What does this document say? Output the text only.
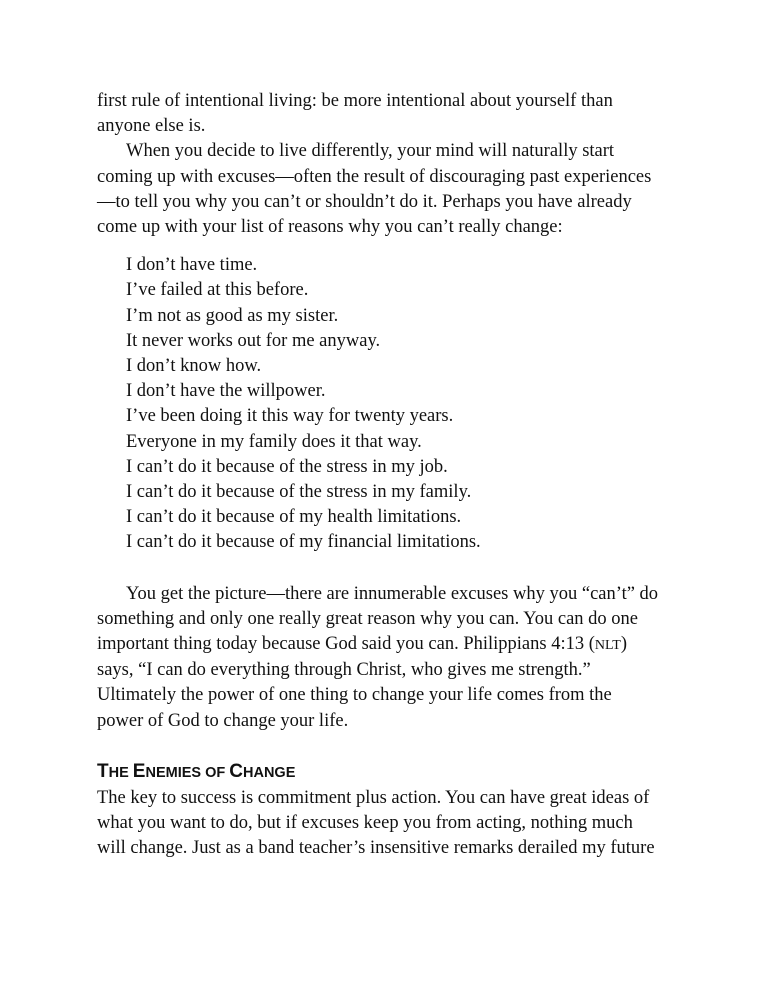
first rule of intentional living: be more intentional about yourself than

anyone else is.

When you decide to live differently, your mind will naturally start

coming up with excuses—often the result of discouraging past experiences

—to tell you why you can’t or shouldn’t do it. Perhaps you have already

come up with your list of reasons why you can’t really change:

I don’t have time.
I’ve failed at this before.
I’m not as good as my sister.
It never works out for me anyway.
I don’t know how.
I don’t have the willpower.
I’ve been doing it this way for twenty years.
Everyone in my family does it that way.
I can’t do it because of the stress in my job.
I can’t do it because of the stress in my family.
I can’t do it because of my health limitations.
I can’t do it because of my financial limitations.

You get the picture—there are innumerable excuses why you “can’t” do

something and only one really great reason why you can. You can do one

important thing today because God said you can. Philippians 4:13 (NLT)

says, “I can do everything through Christ, who gives me strength.”

Ultimately the power of one thing to change your life comes from the

power of God to change your life.

THE ENEMIES OF CHANGE

The key to success is commitment plus action. You can have great ideas of

what you want to do, but if excuses keep you from acting, nothing much

will change. Just as a band teacher’s insensitive remarks derailed my future
